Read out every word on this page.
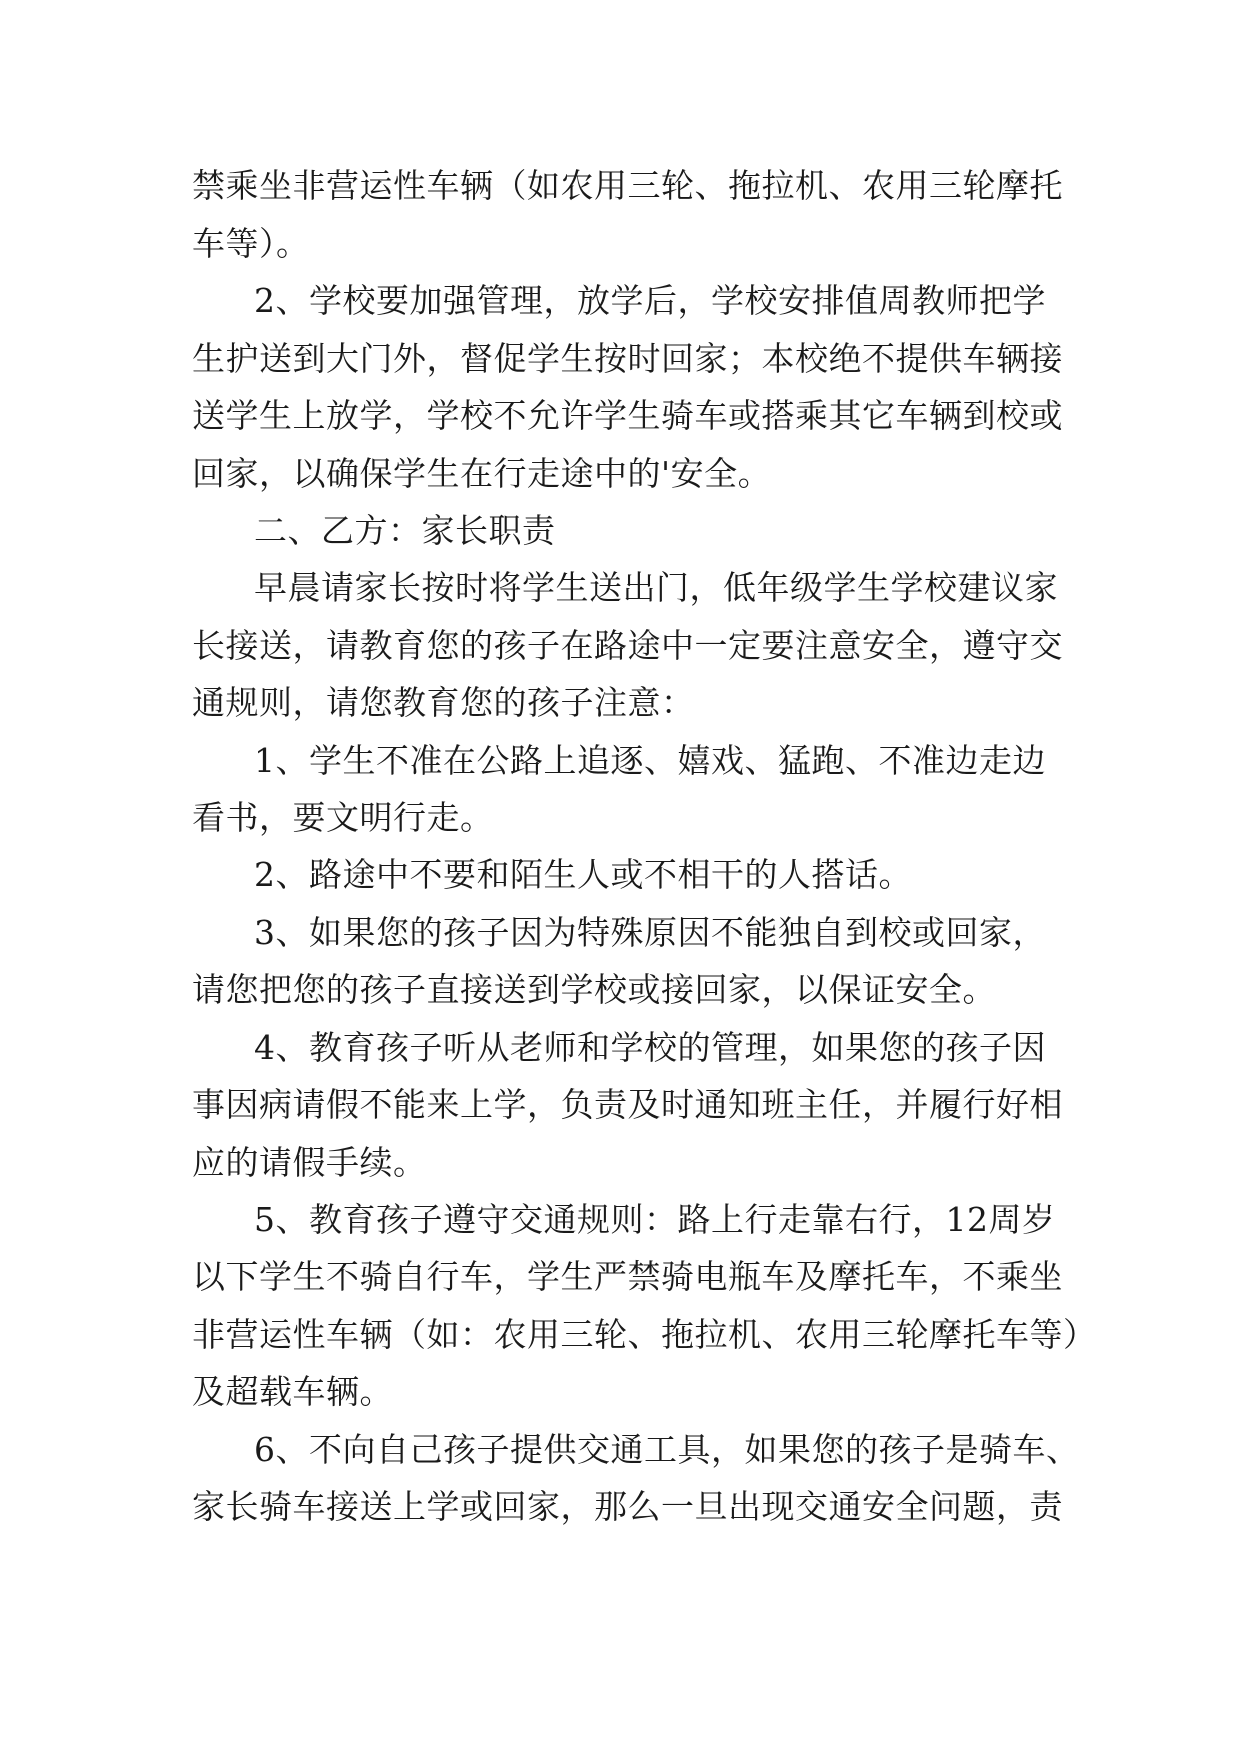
禁乘坐非营运性车辆（如农用三轮、拖拉机、农用三轮摩托
车等）。
2、学校要加强管理，放学后，学校安排值周教师把学
生护送到大门外，督促学生按时回家；本校绝不提供车辆接
送学生上放学，学校不允许学生骑车或搭乘其它车辆到校或
回家，以确保学生在行走途中的'安全。
二、乙方：家长职责
早晨请家长按时将学生送出门，低年级学生学校建议家
长接送，请教育您的孩子在路途中一定要注意安全，遵守交
通规则，请您教育您的孩子注意：
1、学生不准在公路上追逐、嬉戏、猛跑、不准边走边
看书，要文明行走。
2、路途中不要和陌生人或不相干的人搭话。
3、如果您的孩子因为特殊原因不能独自到校或回家，
请您把您的孩子直接送到学校或接回家，以保证安全。
4、教育孩子听从老师和学校的管理，如果您的孩子因
事因病请假不能来上学，负责及时通知班主任，并履行好相
应的请假手续。
5、教育孩子遵守交通规则：路上行走靠右行，12周岁
以下学生不骑自行车，学生严禁骑电瓶车及摩托车，不乘坐
非营运性车辆（如：农用三轮、拖拉机、农用三轮摩托车等）
及超载车辆。
6、不向自己孩子提供交通工具，如果您的孩子是骑车、
家长骑车接送上学或回家，那么一旦出现交通安全问题，责
